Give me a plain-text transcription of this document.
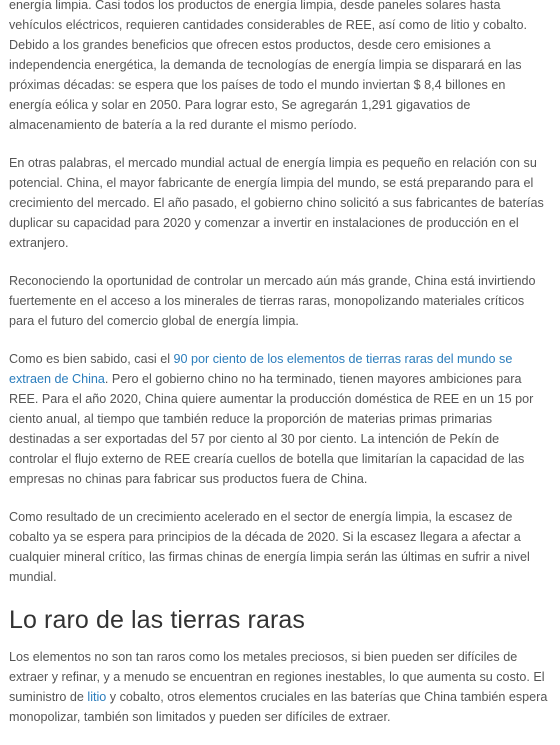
energía limpia. Casi todos los productos de energía limpia, desde paneles solares hasta vehículos eléctricos, requieren cantidades considerables de REE, así como de litio y cobalto. Debido a los grandes beneficios que ofrecen estos productos, desde cero emisiones a independencia energética, la demanda de tecnologías de energía limpia se disparará en las próximas décadas: se espera que los países de todo el mundo inviertan $ 8,4 billones en energía eólica y solar en 2050. Para lograr esto, Se agregarán 1,291 gigavatios de almacenamiento de batería a la red durante el mismo período.

En otras palabras, el mercado mundial actual de energía limpia es pequeño en relación con su potencial. China, el mayor fabricante de energía limpia del mundo, se está preparando para el crecimiento del mercado. El año pasado, el gobierno chino solicitó a sus fabricantes de baterías duplicar su capacidad para 2020 y comenzar a invertir en instalaciones de producción en el extranjero.

Reconociendo la oportunidad de controlar un mercado aún más grande, China está invirtiendo fuertemente en el acceso a los minerales de tierras raras, monopolizando materiales críticos para el futuro del comercio global de energía limpia.

Como es bien sabido, casi el 90 por ciento de los elementos de tierras raras del mundo se extraen de China. Pero el gobierno chino no ha terminado, tienen mayores ambiciones para REE. Para el año 2020, China quiere aumentar la producción doméstica de REE en un 15 por ciento anual, al tiempo que también reduce la proporción de materias primas primarias destinadas a ser exportadas del 57 por ciento al 30 por ciento. La intención de Pekín de controlar el flujo externo de REE crearía cuellos de botella que limitarían la capacidad de las empresas no chinas para fabricar sus productos fuera de China.

Como resultado de un crecimiento acelerado en el sector de energía limpia, la escasez de cobalto ya se espera para principios de la década de 2020. Si la escasez llegara a afectar a cualquier mineral crítico, las firmas chinas de energía limpia serán las últimas en sufrir a nivel mundial.

Lo raro de las tierras raras

Los elementos no son tan raros como los metales preciosos, si bien pueden ser difíciles de extraer y refinar, y a menudo se encuentran en regiones inestables, lo que aumenta su costo. El suministro de litio y cobalto, otros elementos cruciales en las baterías que China también espera monopolizar, también son limitados y pueden ser difíciles de extraer.
